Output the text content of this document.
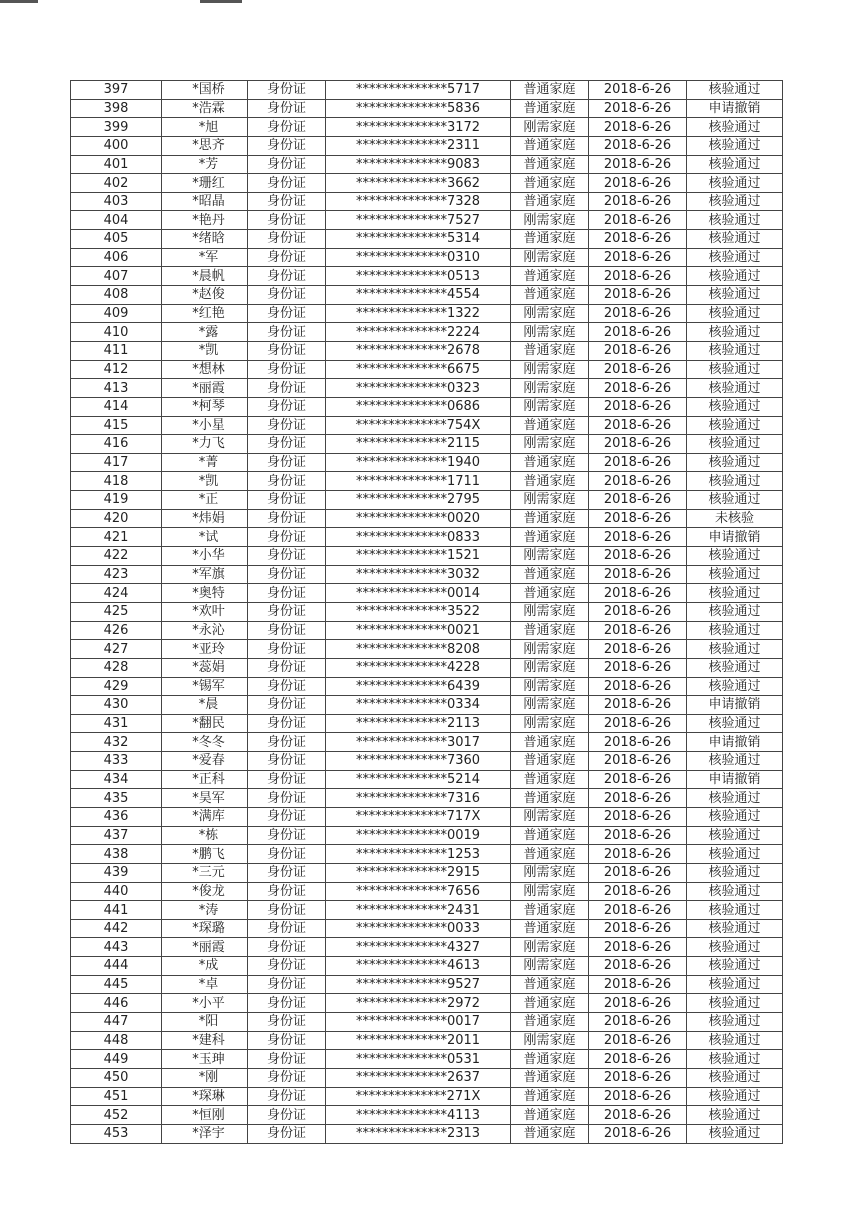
397	*国桥	身份证	**************5717	普通家庭	2018-6-26	核验通过
398	*浩霖	身份证	**************5836	普通家庭	2018-6-26	申请撤销
399	*旭	身份证	**************3172	刚需家庭	2018-6-26	核验通过
400	*思齐	身份证	**************2311	普通家庭	2018-6-26	核验通过
401	*芳	身份证	**************9083	普通家庭	2018-6-26	核验通过
402	*珊红	身份证	**************3662	普通家庭	2018-6-26	核验通过
403	*昭晶	身份证	**************7328	普通家庭	2018-6-26	核验通过
404	*艳丹	身份证	**************7527	刚需家庭	2018-6-26	核验通过
405	*绪晗	身份证	**************5314	普通家庭	2018-6-26	核验通过
406	*军	身份证	**************0310	刚需家庭	2018-6-26	核验通过
407	*晨帆	身份证	**************0513	普通家庭	2018-6-26	核验通过
408	*赵俊	身份证	**************4554	普通家庭	2018-6-26	核验通过
409	*红艳	身份证	**************1322	刚需家庭	2018-6-26	核验通过
410	*露	身份证	**************2224	刚需家庭	2018-6-26	核验通过
411	*凯	身份证	**************2678	普通家庭	2018-6-26	核验通过
412	*想林	身份证	**************6675	刚需家庭	2018-6-26	核验通过
413	*丽霞	身份证	**************0323	刚需家庭	2018-6-26	核验通过
414	*柯琴	身份证	**************0686	刚需家庭	2018-6-26	核验通过
415	*小星	身份证	**************754X	普通家庭	2018-6-26	核验通过
416	*力飞	身份证	**************2115	刚需家庭	2018-6-26	核验通过
417	*菁	身份证	**************1940	普通家庭	2018-6-26	核验通过
418	*凯	身份证	**************1711	普通家庭	2018-6-26	核验通过
419	*正	身份证	**************2795	刚需家庭	2018-6-26	核验通过
420	*炜娟	身份证	**************0020	普通家庭	2018-6-26	未核验
421	*试	身份证	**************0833	普通家庭	2018-6-26	申请撤销
422	*小华	身份证	**************1521	刚需家庭	2018-6-26	核验通过
423	*军旗	身份证	**************3032	普通家庭	2018-6-26	核验通过
424	*奥特	身份证	**************0014	普通家庭	2018-6-26	核验通过
425	*欢叶	身份证	**************3522	刚需家庭	2018-6-26	核验通过
426	*永沁	身份证	**************0021	普通家庭	2018-6-26	核验通过
427	*亚玲	身份证	**************8208	刚需家庭	2018-6-26	核验通过
428	*蕊娟	身份证	**************4228	刚需家庭	2018-6-26	核验通过
429	*锡军	身份证	**************6439	刚需家庭	2018-6-26	核验通过
430	*晨	身份证	**************0334	刚需家庭	2018-6-26	申请撤销
431	*翻民	身份证	**************2113	刚需家庭	2018-6-26	核验通过
432	*冬冬	身份证	**************3017	普通家庭	2018-6-26	申请撤销
433	*爱春	身份证	**************7360	普通家庭	2018-6-26	核验通过
434	*正科	身份证	**************5214	普通家庭	2018-6-26	申请撤销
435	*昊军	身份证	**************7316	普通家庭	2018-6-26	核验通过
436	*满库	身份证	**************717X	刚需家庭	2018-6-26	核验通过
437	*栋	身份证	**************0019	普通家庭	2018-6-26	核验通过
438	*鹏飞	身份证	**************1253	普通家庭	2018-6-26	核验通过
439	*三元	身份证	**************2915	刚需家庭	2018-6-26	核验通过
440	*俊龙	身份证	**************7656	刚需家庭	2018-6-26	核验通过
441	*涛	身份证	**************2431	普通家庭	2018-6-26	核验通过
442	*琛璐	身份证	**************0033	普通家庭	2018-6-26	核验通过
443	*丽霞	身份证	**************4327	刚需家庭	2018-6-26	核验通过
444	*成	身份证	**************4613	刚需家庭	2018-6-26	核验通过
445	*卓	身份证	**************9527	普通家庭	2018-6-26	核验通过
446	*小平	身份证	**************2972	普通家庭	2018-6-26	核验通过
447	*阳	身份证	**************0017	普通家庭	2018-6-26	核验通过
448	*建科	身份证	**************2011	刚需家庭	2018-6-26	核验通过
449	*玉珅	身份证	**************0531	普通家庭	2018-6-26	核验通过
450	*刚	身份证	**************2637	普通家庭	2018-6-26	核验通过
451	*琛琳	身份证	**************271X	普通家庭	2018-6-26	核验通过
452	*恒刚	身份证	**************4113	普通家庭	2018-6-26	核验通过
453	*泽宇	身份证	**************2313	普通家庭	2018-6-26	核验通过
